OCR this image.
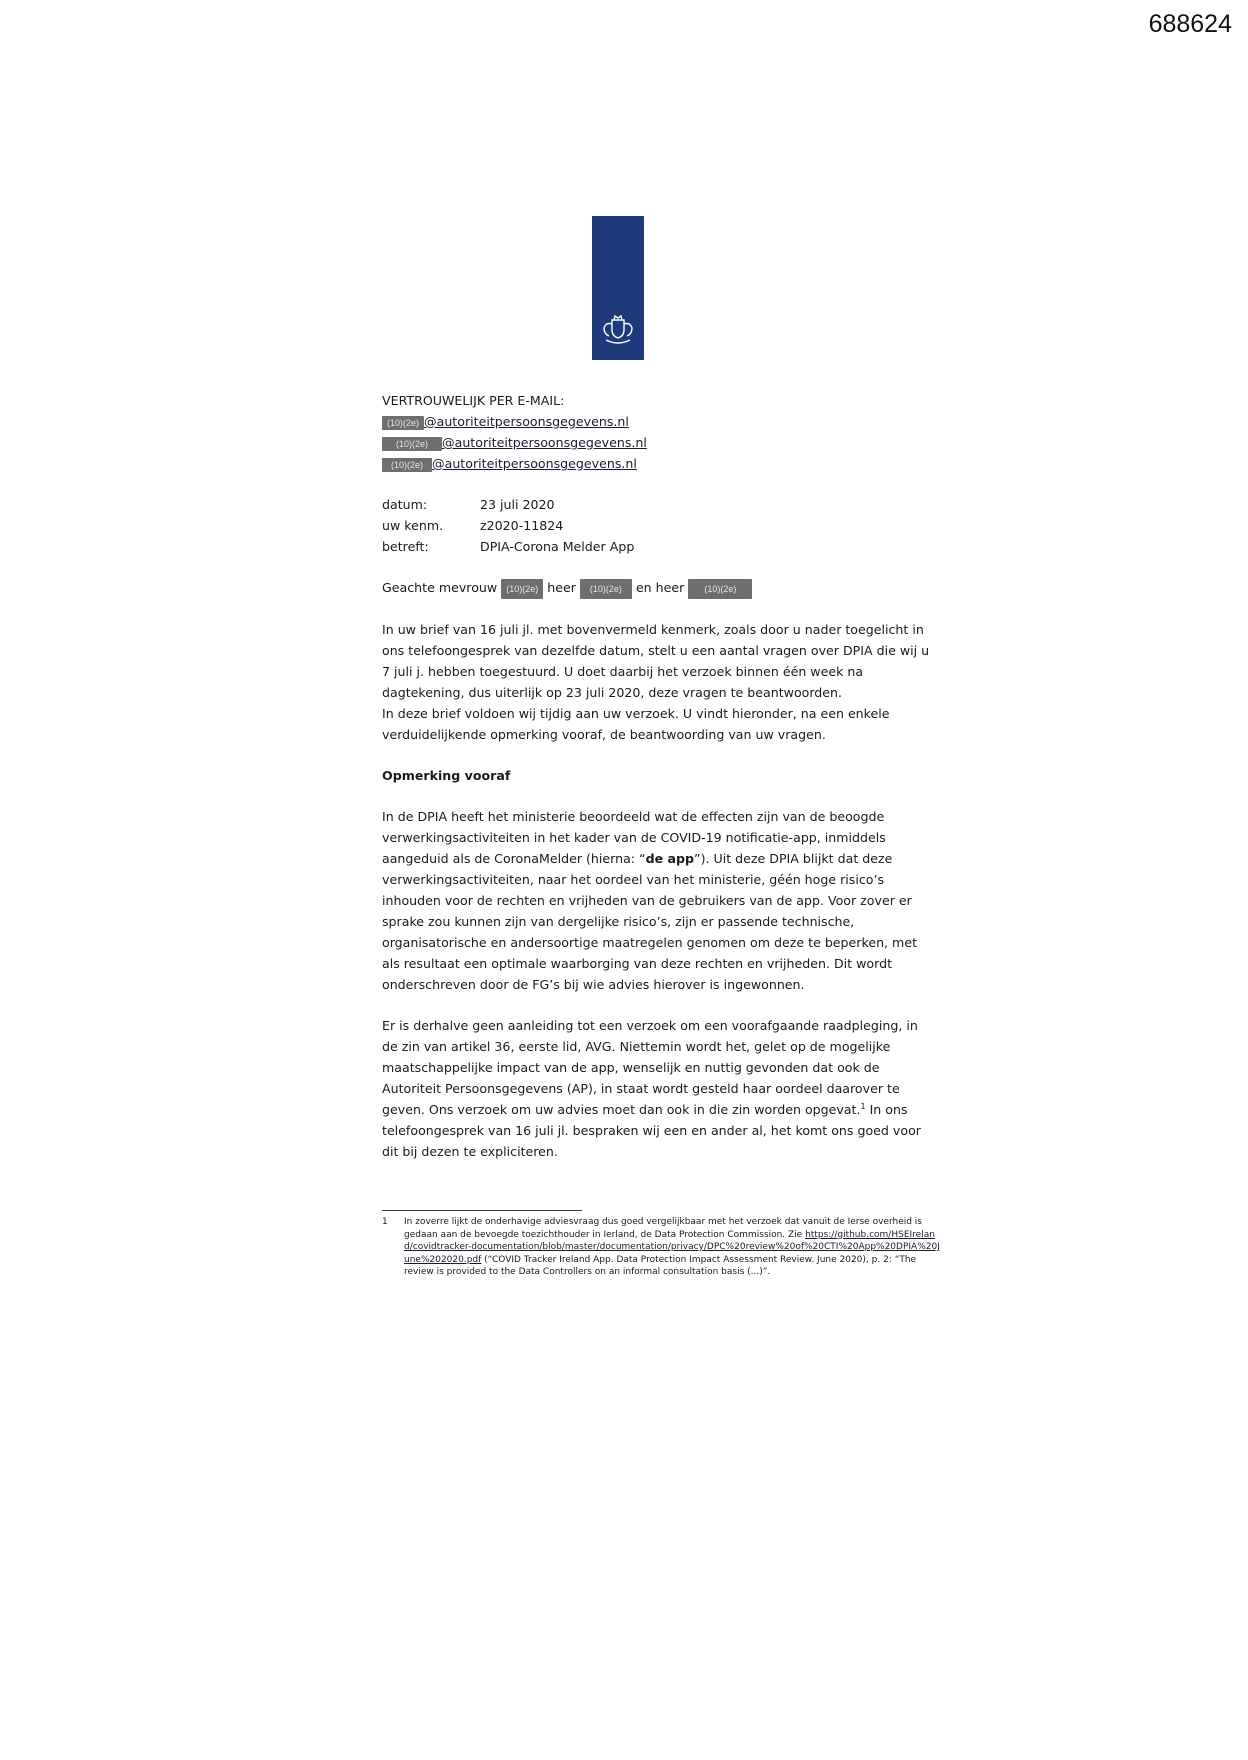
688624
VERTROUWELIJK PER E-MAIL:
(10)(2e) @autoriteitpersoonsgegevens.nl
(10)(2e) @autoriteitpersoonsgegevens.nl
(10)(2e) @autoriteitpersoonsgegevens.nl
datum:	23 juli 2020
uw kenm.	z2020-11824
betreft:	DPIA-Corona Melder App
Geachte mevrouw (10)(2e) heer (10)(2e) en heer (10)(2e)
In uw brief van 16 juli jl. met bovenvermeld kenmerk, zoals door u nader toegelicht in
ons telefoongesprek van dezelfde datum, stelt u een aantal vragen over DPIA die wij u
7 juli j. hebben toegestuurd. U doet daarbij het verzoek binnen één week na
dagtekening, dus uiterlijk op 23 juli 2020, deze vragen te beantwoorden.
In deze brief voldoen wij tijdig aan uw verzoek. U vindt hieronder, na een enkele
verduidelijkende opmerking vooraf, de beantwoording van uw vragen.
Opmerking vooraf
In de DPIA heeft het ministerie beoordeeld wat de effecten zijn van de beoogde
verwerkingsactiviteiten in het kader van de COVID-19 notificatie-app, inmiddels
aangeduid als de CoronaMelder (hierna: “de app”). Uit deze DPIA blijkt dat deze
verwerkingsactiviteiten, naar het oordeel van het ministerie, géén hoge risico’s
inhouden voor de rechten en vrijheden van de gebruikers van de app. Voor zover er
sprake zou kunnen zijn van dergelijke risico’s, zijn er passende technische,
organisatorische en andersoortige maatregelen genomen om deze te beperken, met
als resultaat een optimale waarborging van deze rechten en vrijheden. Dit wordt
onderschreven door de FG’s bij wie advies hierover is ingewonnen.
Er is derhalve geen aanleiding tot een verzoek om een voorafgaande raadpleging, in
de zin van artikel 36, eerste lid, AVG. Niettemin wordt het, gelet op de mogelijke
maatschappelijke impact van de app, wenselijk en nuttig gevonden dat ook de
Autoriteit Persoonsgegevens (AP), in staat wordt gesteld haar oordeel daarover te
geven. Ons verzoek om uw advies moet dan ook in die zin worden opgevat.$^1$ In ons
telefoongesprek van 16 juli jl. bespraken wij een en ander al, het komt ons goed voor
dit bij dezen te expliciteren.
1	In zoverre lijkt de onderhavige adviesvraag dus goed vergelijkbaar met het verzoek dat vanuit de Ierse overheid is gedaan aan de bevoegde toezichthouder in Ierland, de Data Protection Commission. Zie https://github.com/HSEIreland/covidtracker-documentation/blob/master/documentation/privacy/DPC%20review%20of%20CTI%20App%20DPIA%20June%202020.pdf (“COVID Tracker Ireland App. Data Protection Impact Assessment Review. June 2020), p. 2: “The review is provided to the Data Controllers on an informal consultation basis (...)”.
